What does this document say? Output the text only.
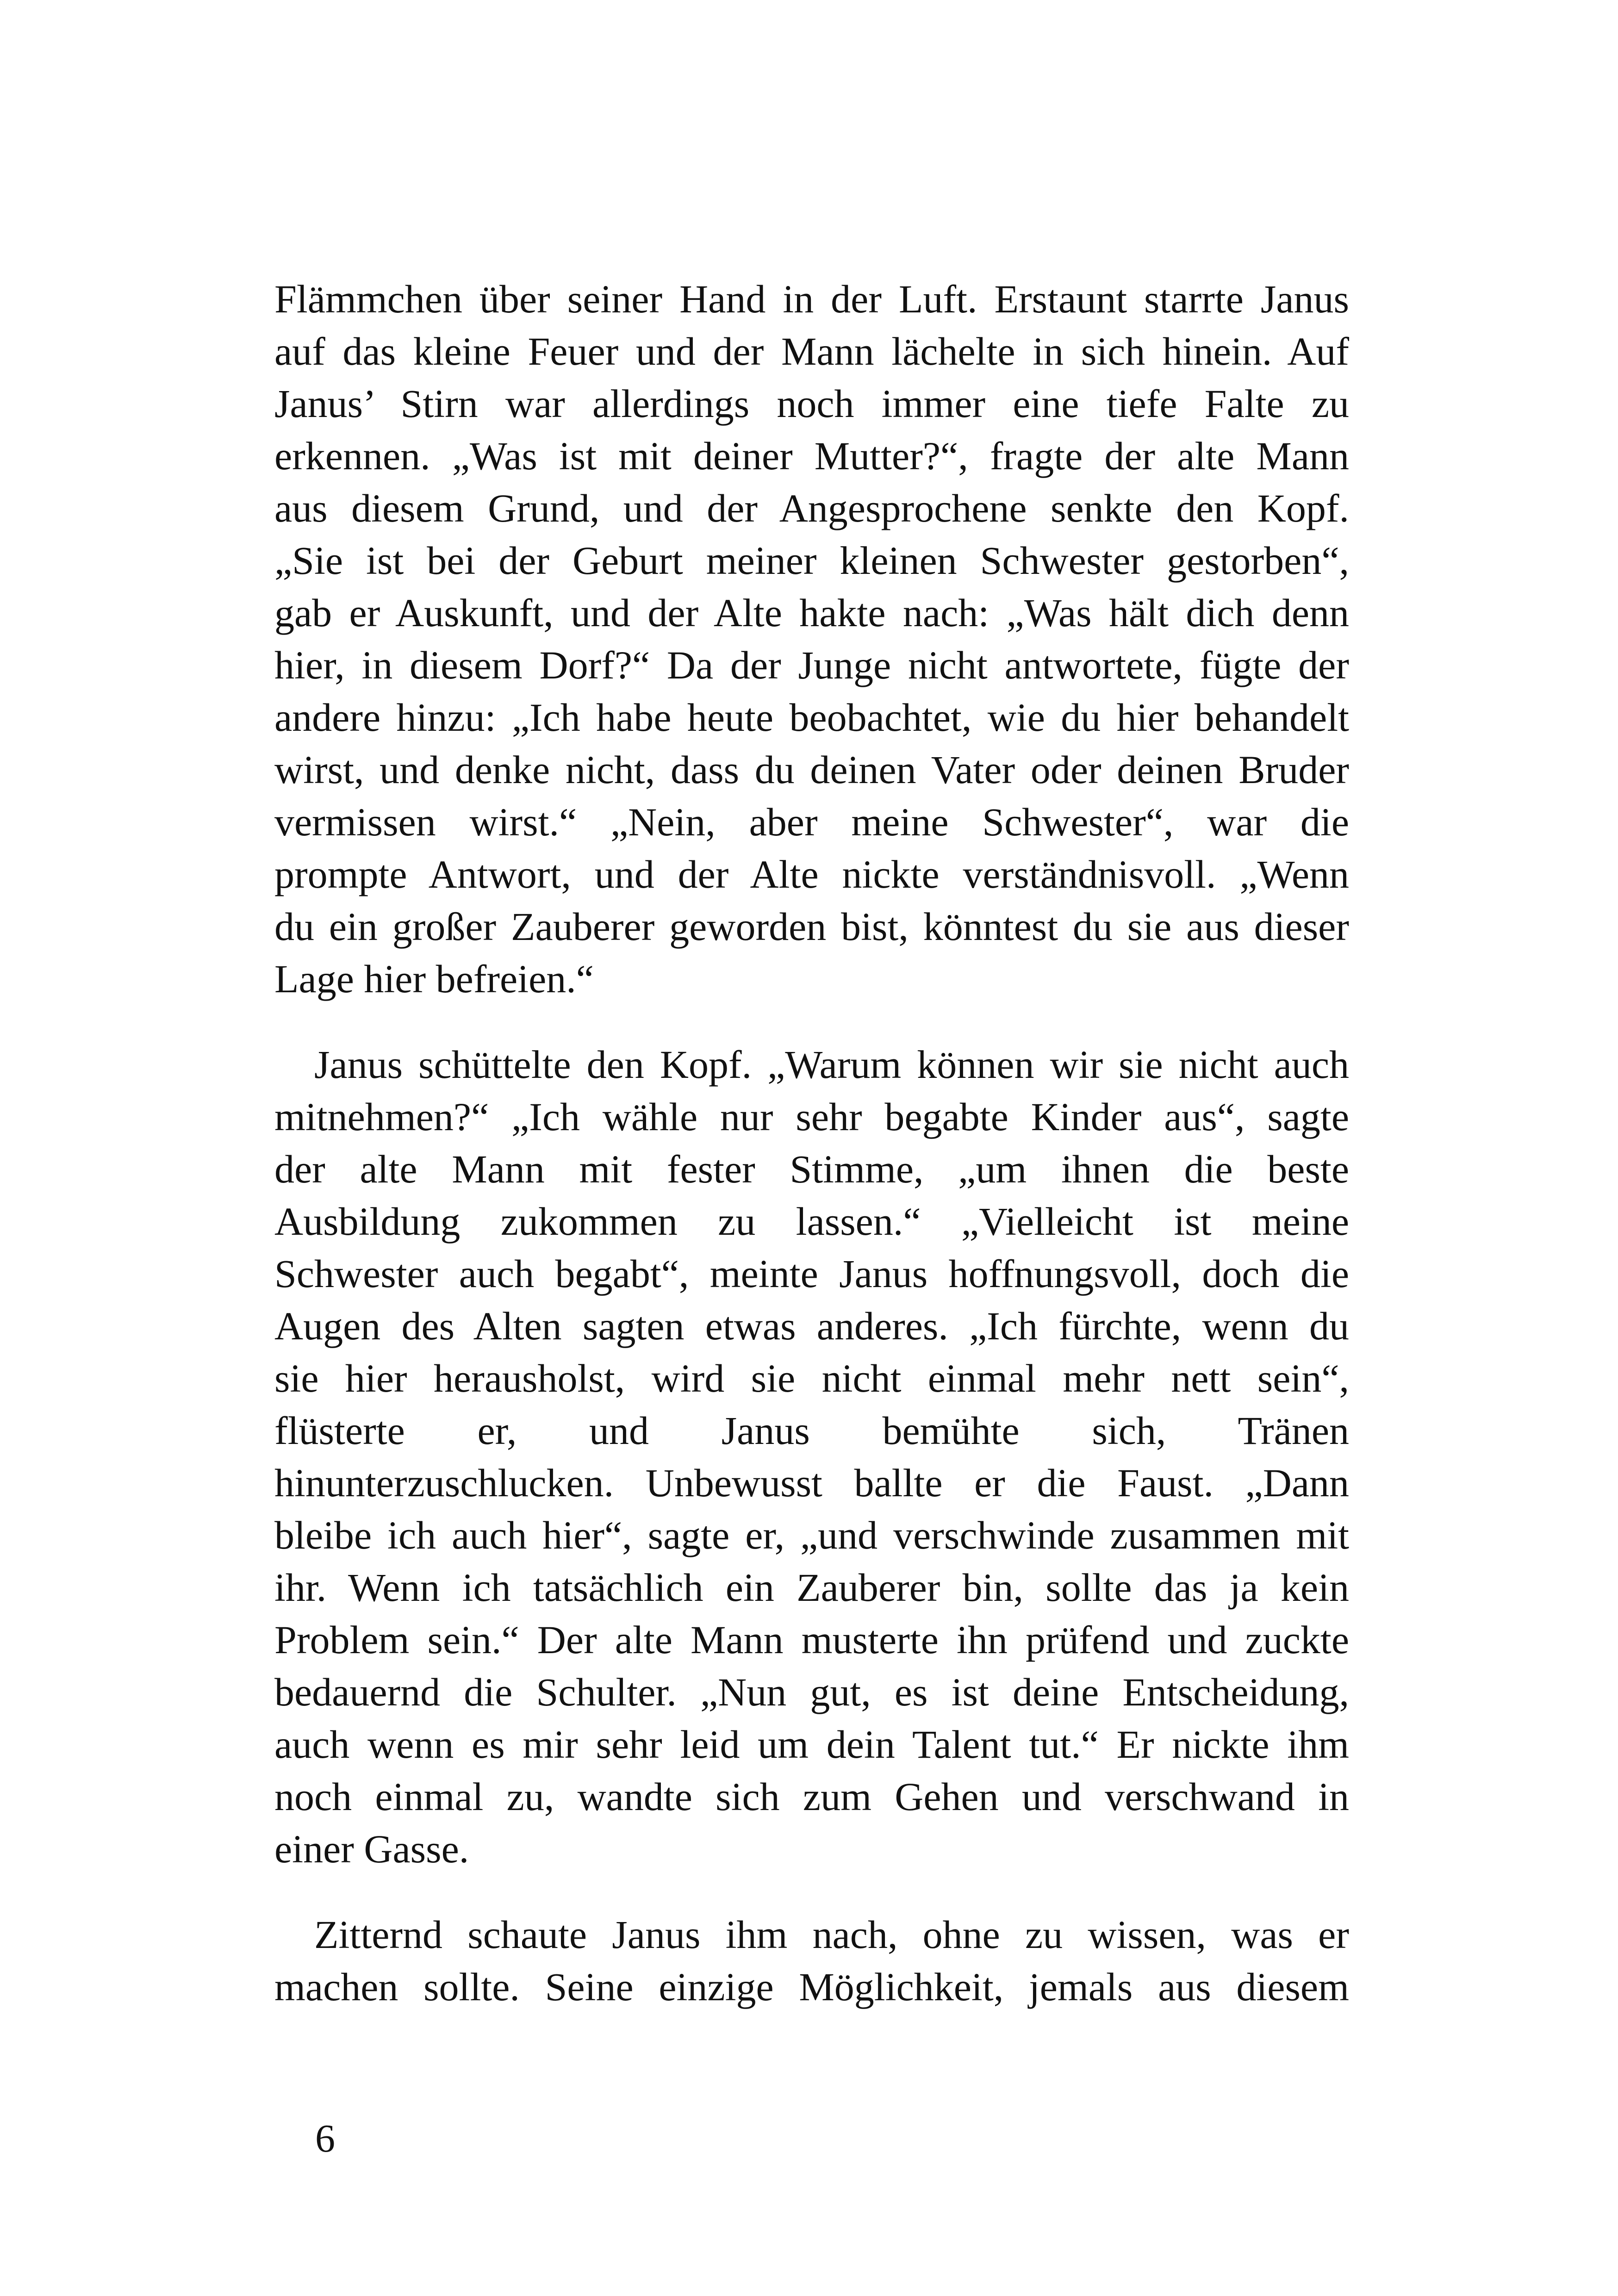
Flämmchen über seiner Hand in der Luft. Erstaunt starrte Janus
auf das kleine Feuer und der Mann lächelte in sich hinein. Auf
Janus’ Stirn war allerdings noch immer eine tiefe Falte zu
erkennen. „Was ist mit deiner Mutter?“, fragte der alte Mann
aus diesem Grund, und der Angesprochene senkte den Kopf.
„Sie ist bei der Geburt meiner kleinen Schwester gestorben“,
gab er Auskunft, und der Alte hakte nach: „Was hält dich denn
hier, in diesem Dorf?“ Da der Junge nicht antwortete, fügte der
andere hinzu: „Ich habe heute beobachtet, wie du hier behandelt
wirst, und denke nicht, dass du deinen Vater oder deinen Bruder
vermissen wirst.“ „Nein, aber meine Schwester“, war die
prompte Antwort, und der Alte nickte verständnisvoll. „Wenn
du ein großer Zauberer geworden bist, könntest du sie aus dieser
Lage hier befreien.“
Janus schüttelte den Kopf. „Warum können wir sie nicht auch
mitnehmen?“ „Ich wähle nur sehr begabte Kinder aus“, sagte
der alte Mann mit fester Stimme, „um ihnen die beste
Ausbildung zukommen zu lassen.“ „Vielleicht ist meine
Schwester auch begabt“, meinte Janus hoffnungsvoll, doch die
Augen des Alten sagten etwas anderes. „Ich fürchte, wenn du
sie hier herausholst, wird sie nicht einmal mehr nett sein“,
flüsterte er, und Janus bemühte sich, Tränen
hinunterzuschlucken. Unbewusst ballte er die Faust. „Dann
bleibe ich auch hier“, sagte er, „und verschwinde zusammen mit
ihr. Wenn ich tatsächlich ein Zauberer bin, sollte das ja kein
Problem sein.“ Der alte Mann musterte ihn prüfend und zuckte
bedauernd die Schulter. „Nun gut, es ist deine Entscheidung,
auch wenn es mir sehr leid um dein Talent tut.“ Er nickte ihm
noch einmal zu, wandte sich zum Gehen und verschwand in
einer Gasse.
Zitternd schaute Janus ihm nach, ohne zu wissen, was er
machen sollte. Seine einzige Möglichkeit, jemals aus diesem
6
